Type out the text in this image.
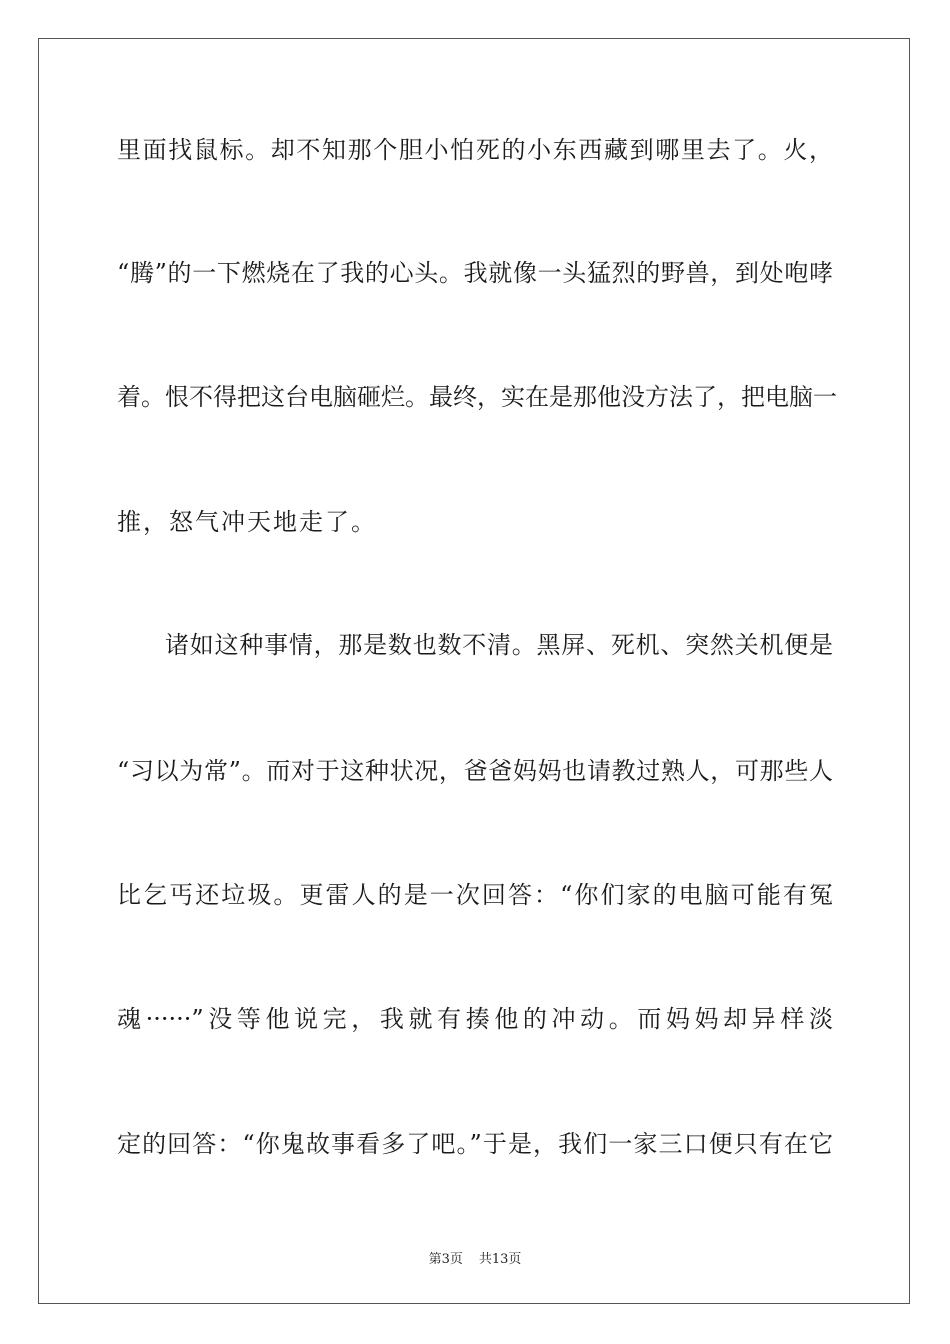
里面找鼠标。却不知那个胆小怕死的小东西藏到哪里去了。火，
“腾”的一下燃烧在了我的心头。我就像一头猛烈的野兽，到处咆哮
着。恨不得把这台电脑砸烂。最终，实在是那他没方法了，把电脑一
推，怒气冲天地走了。
诸如这种事情，那是数也数不清。黑屏、死机、突然关机便是
“习以为常”。而对于这种状况，爸爸妈妈也请教过熟人，可那些人
比乞丐还垃圾。更雷人的是一次回答：“你们家的电脑可能有冤
魂······”没等他说完，我就有揍他的冲动。而妈妈却异样淡
定的回答：“你鬼故事看多了吧。”于是，我们一家三口便只有在它
第3页 共13页
